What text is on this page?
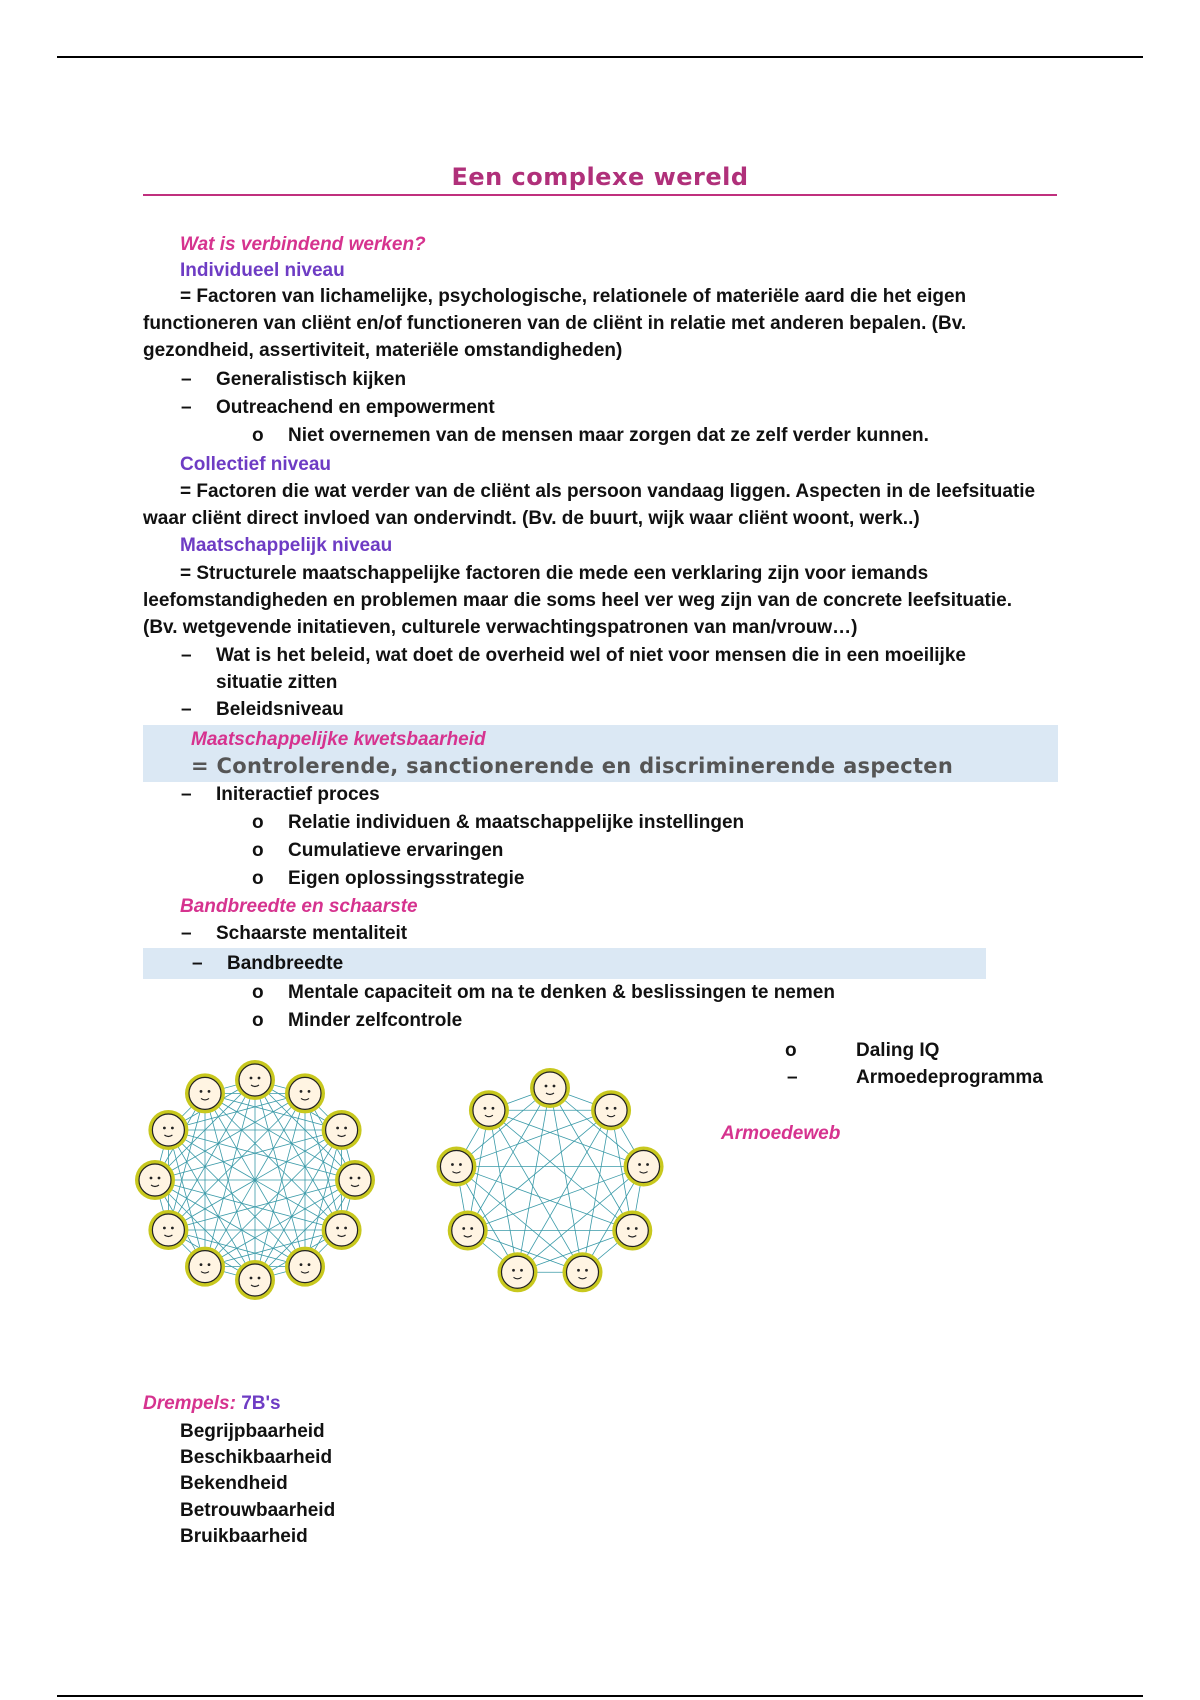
Een complexe wereld
Wat is verbindend werken?
Individueel niveau
= Factoren van lichamelijke, psychologische, relationele of materiële aard die het eigen
functioneren van cliënt en/of functioneren van de cliënt in relatie met anderen bepalen. (Bv.
gezondheid, assertiviteit, materiële omstandigheden)
– Generalistisch kijken
– Outreachend en empowerment
o Niet overnemen van de mensen maar zorgen dat ze zelf verder kunnen.
Collectief niveau
= Factoren die wat verder van de cliënt als persoon vandaag liggen. Aspecten in de leefsituatie
waar cliënt direct invloed van ondervindt. (Bv. de buurt, wijk waar cliënt woont, werk..)
Maatschappelijk niveau
= Structurele maatschappelijke factoren die mede een verklaring zijn voor iemands
leefomstandigheden en problemen maar die soms heel ver weg zijn van de concrete leefsituatie.
(Bv. wetgevende initatieven, culturele verwachtingspatronen van man/vrouw…)
– Wat is het beleid, wat doet de overheid wel of niet voor mensen die in een moeilijke
situatie zitten
– Beleidsniveau
Maatschappelijke kwetsbaarheid
= Controlerende, sanctionerende en discriminerende aspecten
– Initeractief proces
o Relatie individuen & maatschappelijke instellingen
o Cumulatieve ervaringen
o Eigen oplossingsstrategie
Bandbreedte en schaarste
– Schaarste mentaliteit
– Bandbreedte
o Mentale capaciteit om na te denken & beslissingen te nemen
o Minder zelfcontrole
o	Daling IQ
–	Armoedeprogramma
Armoedeweb
Drempels: 7B's
Begrijpbaarheid
Beschikbaarheid
Bekendheid
Betrouwbaarheid
Bruikbaarheid
